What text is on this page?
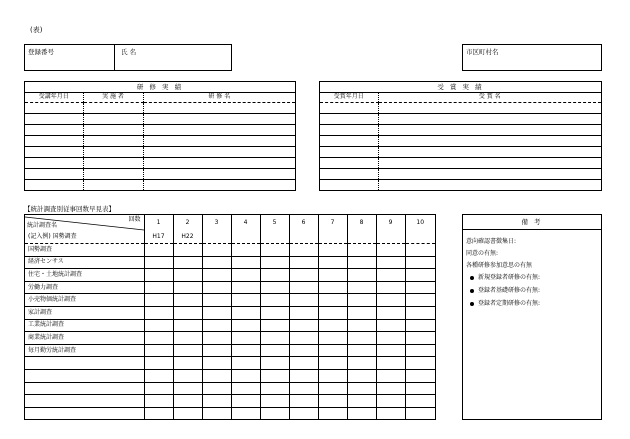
(表)
登録番号	氏 名	市区町村名
研 修 実 績
受講年月日	実 施 者	研 修 名

受 賞 実 績
受賞年月日	受 賞 名

【統計調査別従事回数早見表】
統計調査名
回数	1	2	3	4	5	6	7	8	9	10
(記入例) 国勢調査	H17	H22								
国勢調査										
経済センサス										
住宅・土地統計調査										
労働力調査										
小売物価統計調査										
家計調査										
工業統計調査										
商業統計調査										
毎月勤労統計調査										

備 考
意向確認書徴集日:
同意の有無:
各種研修参加意思の有無
新規登録者研修の有無:
登録者基礎研修の有無:
登録者定期研修の有無:
